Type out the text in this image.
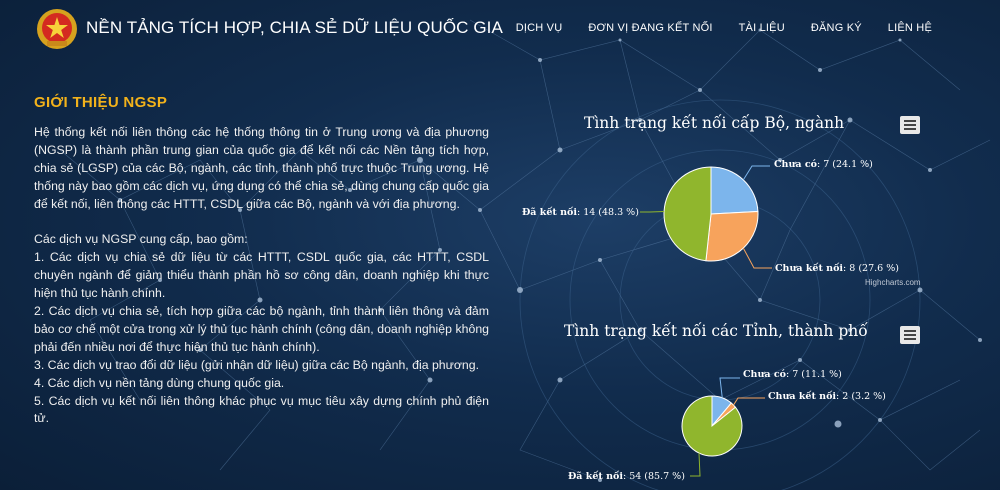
NỀN TẢNG TÍCH HỢP, CHIA SẺ DỮ LIỆU QUỐC GIA DỊCH VỤ ĐƠN VỊ ĐANG KẾT NỐI TÀI LIỆU ĐĂNG KÝ LIÊN HỆ
GIỚI THIỆU NGSP

Hệ thống kết nối liên thông các hệ thống thông tin ở Trung ương và địa phương (NGSP) là thành phần trung gian của quốc gia để kết nối các Nền tảng tích hợp, chia sẻ (LGSP) của các Bộ, ngành, các tỉnh, thành phố trực thuộc Trung ương. Hệ thống này bao gồm các dịch vụ, ứng dụng có thể chia sẻ, dùng chung cấp quốc gia để kết nối, liên thông các HTTT, CSDL giữa các Bộ, ngành và với địa phương.

Các dịch vụ NGSP cung cấp, bao gồm:

1. Các dịch vụ chia sẻ dữ liệu từ các HTTT, CSDL quốc gia, các HTTT, CSDL chuyên ngành để giảm thiểu thành phần hồ sơ công dân, doanh nghiệp khi thực hiện thủ tục hành chính.

2. Các dịch vụ chia sẻ, tích hợp giữa các bộ ngành, tỉnh thành liên thông và đảm bảo cơ chế một cửa trong xử lý thủ tục hành chính (công dân, doanh nghiệp không phải đến nhiều nơi để thực hiện thủ tục hành chính).

3. Các dịch vụ trao đổi dữ liệu (gửi nhận dữ liệu) giữa các Bộ ngành, địa phương.

4. Các dịch vụ nền tảng dùng chung quốc gia.

5. Các dịch vụ kết nối liên thông khác phục vụ mục tiêu xây dựng chính phủ điện tử.

Tình trạng kết nối cấp Bộ, ngành
Chưa có: 7 (24.1 %)
Chưa kết nối: 8 (27.6 %)
Đã kết nối: 14 (48.3 %)
Highcharts.com
Tình trạng kết nối các Tỉnh, thành phố
Chưa có: 7 (11.1 %)
Chưa kết nối: 2 (3.2 %)
Đã kết nối: 54 (85.7 %)
